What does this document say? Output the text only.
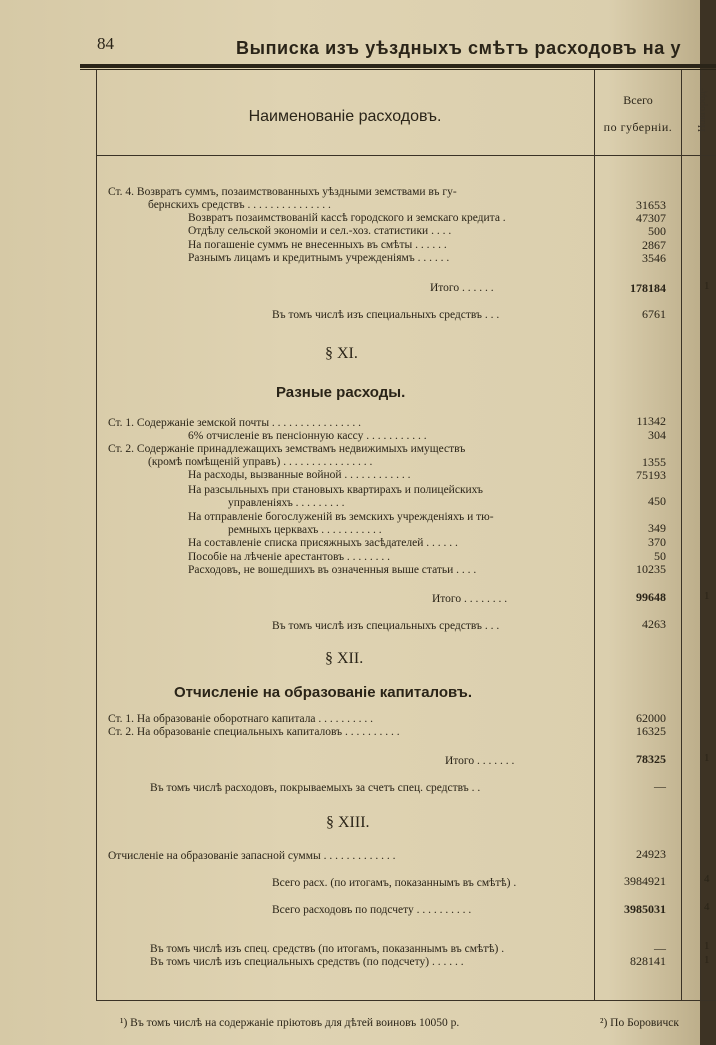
84	Выписка изъ уѣздныхъ смѣтъ расходовъ на у
Наименованіе расходовъ.
Всего
по губерніи.	Новгород-
Ст. 4. Возвратъ суммъ, позаимствованныхъ уѣздными земствами въ гу-
бернскихъ средствъ . . . . . . . . . . . . . . .	31653
Возвратъ позаимствованій кассѣ городского и земскаго кредита .	47307
Отдѣлу сельской экономіи и сел.-хоз. статистики . . . .	500
На погашеніе суммъ не внесенныхъ въ смѣты . . . . . .	2867
Разнымъ лицамъ и кредитнымъ учрежденіямъ . . . . . .	3546
Итого . . . . . .	178184
Въ томъ числѣ изъ специальныхъ средствъ . . .	6761
§ XI.
Разные расходы.
Ст. 1. Содержаніе земской почты . . . . . . . . . . . . . . . .	11342
6% отчисленіе въ пенсіонную кассу . . . . . . . . . . .	304
Ст. 2. Содержаніе принадлежащихъ земствамъ недвижимыхъ имуществъ
(кромѣ помѣщеній управъ) . . . . . . . . . . . . . . . .	1355
На расходы, вызванные войной . . . . . . . . . . . .	75193
На разсыльныхъ при становыхъ квартирахъ и полицейскихъ
управленіяхъ . . . . . . . . .	450
На отправленіе богослуженій въ земскихъ учрежденіяхъ и тю-
ремныхъ церквахъ . . . . . . . . . . .	349
На составленіе списка присяжныхъ засѣдателей . . . . . .	370
Пособіе на лѣченіе арестантовъ . . . . . . . .	50
Расходовъ, не вошедшихъ въ означенныя выше статьи . . . .	10235
Итого . . . . . . . .	99648
Въ томъ числѣ изъ специальныхъ средствъ . . .	4263
§ XII.
Отчисленіе на образованіе капиталовъ.
Ст. 1. На образованіе оборотнаго капитала . . . . . . . . . .	62000
Ст. 2. На образованіе специальныхъ капиталовъ . . . . . . . . . .	16325
Итого . . . . . . .	78325
Въ томъ числѣ расходовъ, покрываемыхъ за счетъ спец. средствъ . .	—
§ XIII.
Отчисленіе на образованіе запасной суммы . . . . . . . . . . . . .	24923
Всего расх. (по итогамъ, показаннымъ въ смѣтѣ) .	3984921
Всего расходовъ по подсчету . . . . . . . . . .	3985031
Въ томъ числѣ изъ спец. средствъ (по итогамъ, показаннымъ въ смѣтѣ) .	—
Въ томъ числѣ изъ специальныхъ средствъ (по подсчету) . . . . . .	828141
1
1
1
4
4
1
1
¹) Въ томъ числѣ на содержаніе пріютовъ для дѣтей воиновъ 10050 р.	²) По Боровичск
